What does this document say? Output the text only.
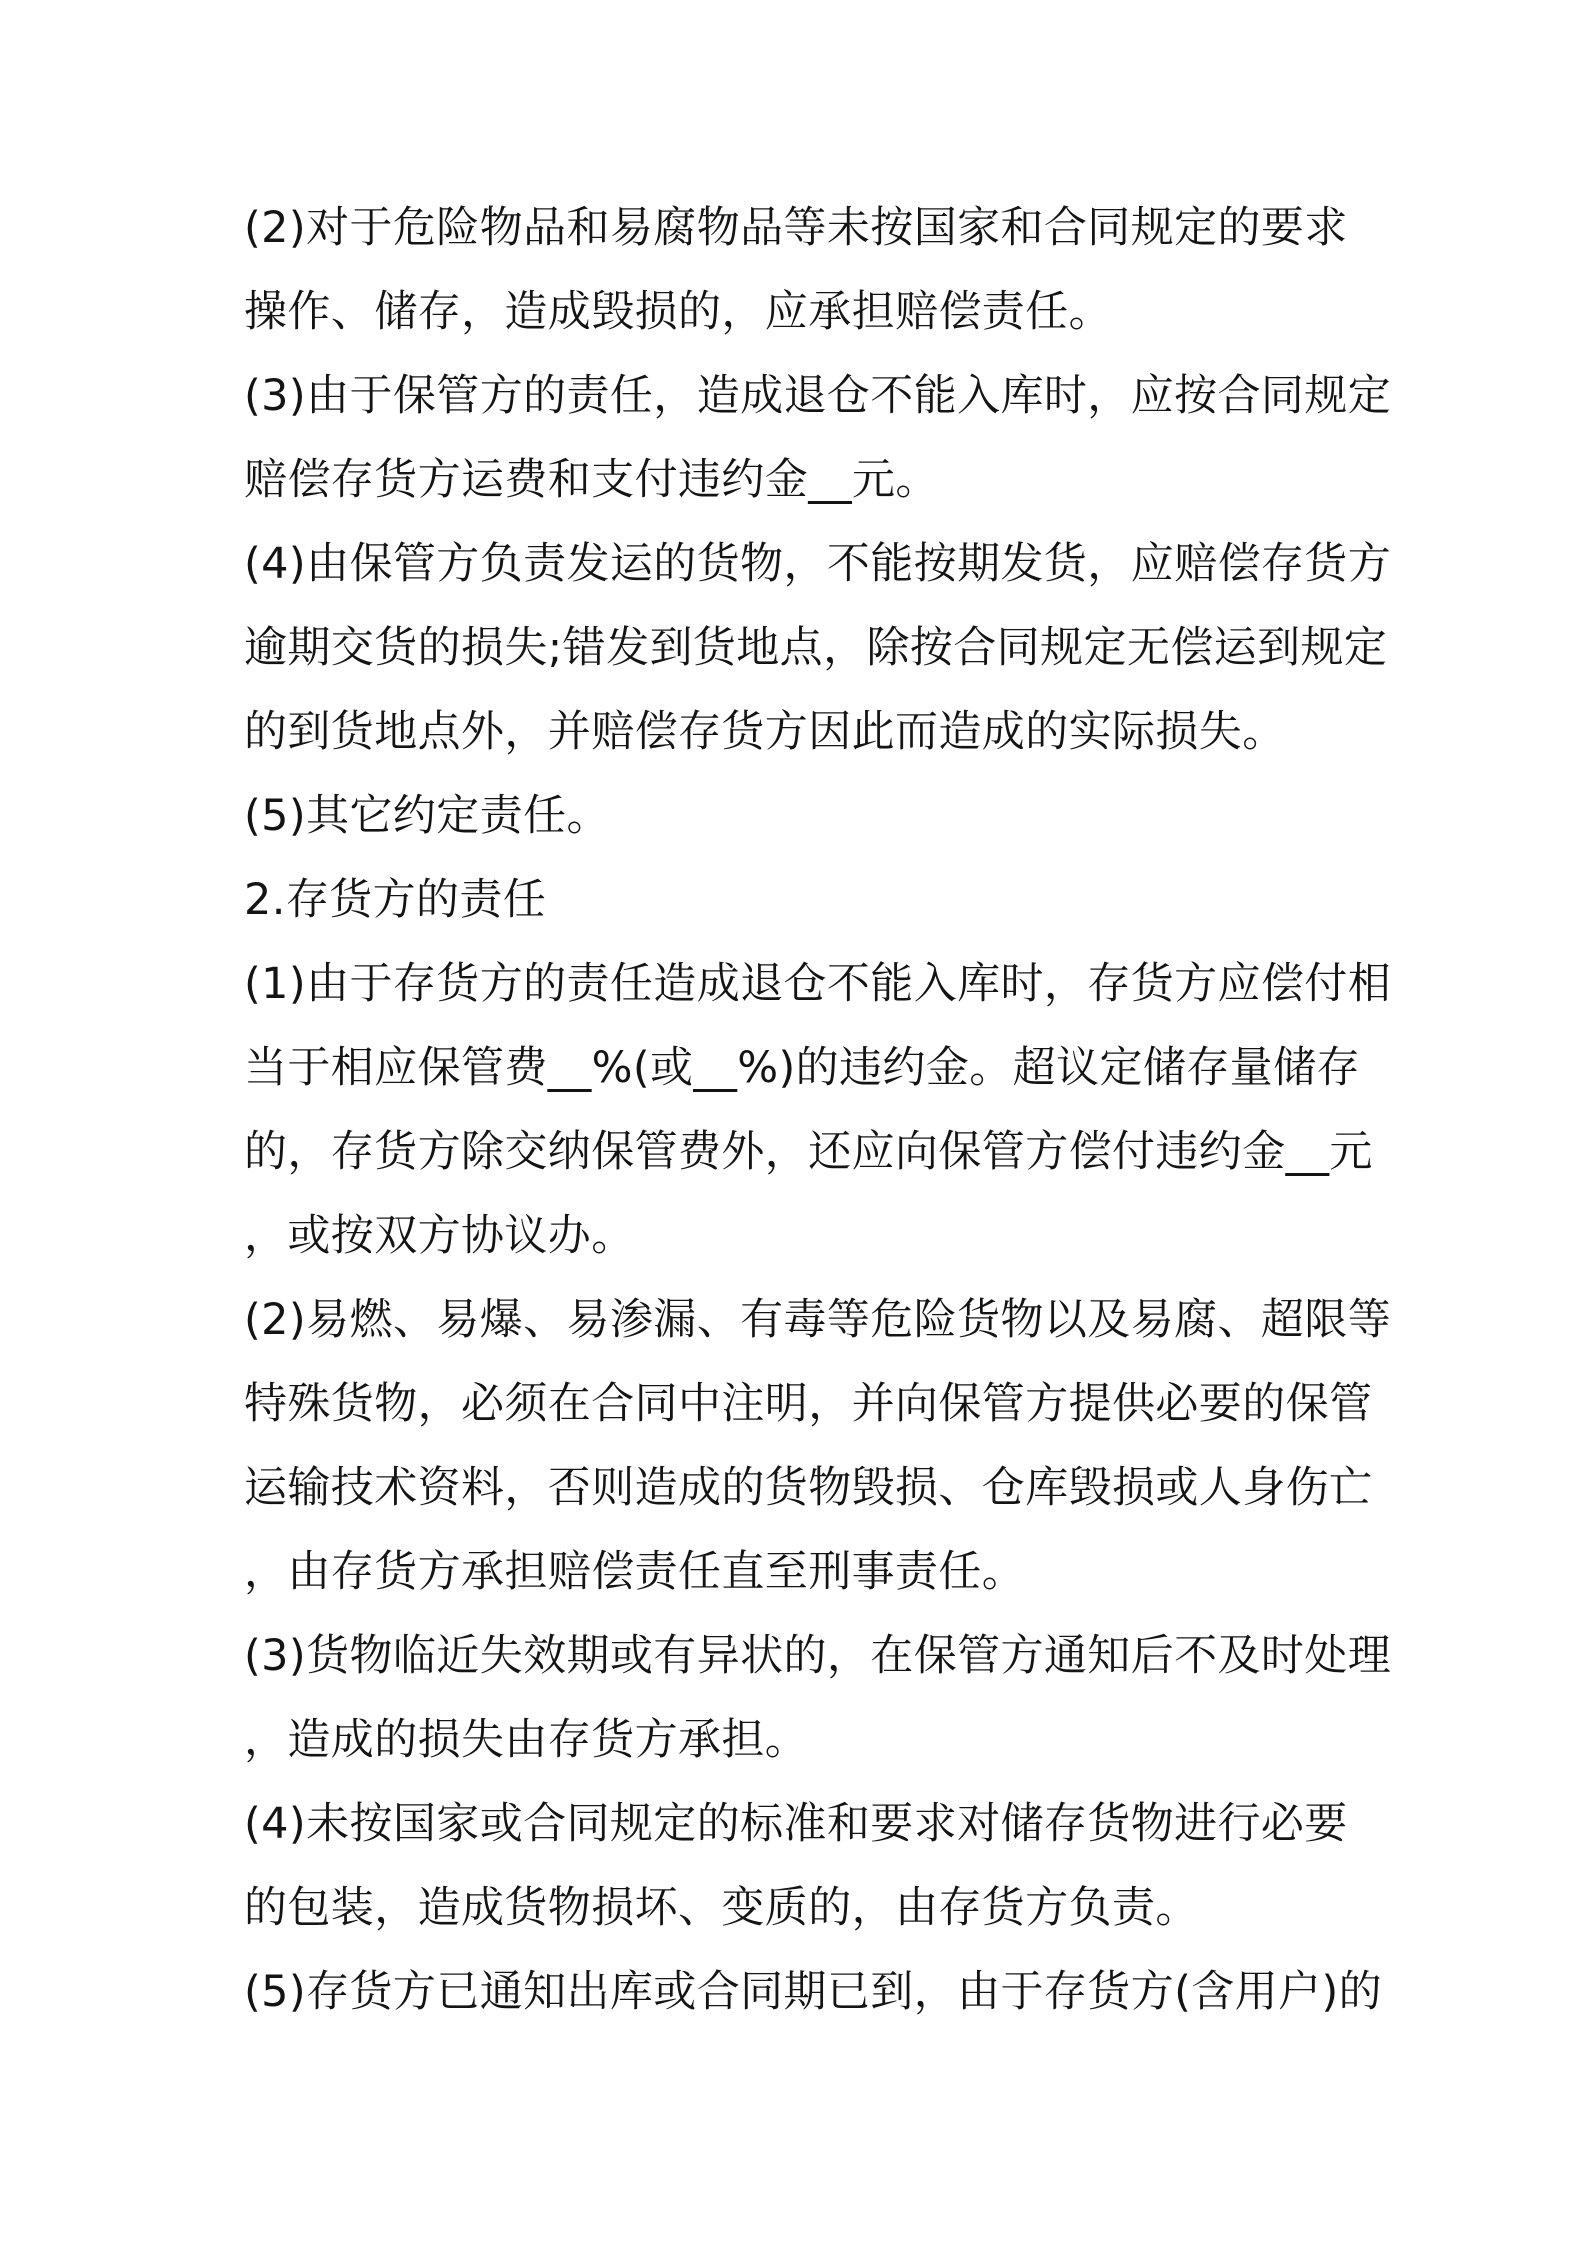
(2)对于危险物品和易腐物品等未按国家和合同规定的要求
操作、储存，造成毁损的，应承担赔偿责任。
(3)由于保管方的责任，造成退仓不能入库时，应按合同规定
赔偿存货方运费和支付违约金__元。
(4)由保管方负责发运的货物，不能按期发货，应赔偿存货方
逾期交货的损失;错发到货地点，除按合同规定无偿运到规定
的到货地点外，并赔偿存货方因此而造成的实际损失。
(5)其它约定责任。
2.存货方的责任
(1)由于存货方的责任造成退仓不能入库时，存货方应偿付相
当于相应保管费__%(或__%)的违约金。超议定储存量储存
的，存货方除交纳保管费外，还应向保管方偿付违约金__元
，或按双方协议办。
(2)易燃、易爆、易渗漏、有毒等危险货物以及易腐、超限等
特殊货物，必须在合同中注明，并向保管方提供必要的保管
运输技术资料，否则造成的货物毁损、仓库毁损或人身伤亡
，由存货方承担赔偿责任直至刑事责任。
(3)货物临近失效期或有异状的，在保管方通知后不及时处理
，造成的损失由存货方承担。
(4)未按国家或合同规定的标准和要求对储存货物进行必要
的包装，造成货物损坏、变质的，由存货方负责。
(5)存货方已通知出库或合同期已到，由于存货方(含用户)的
